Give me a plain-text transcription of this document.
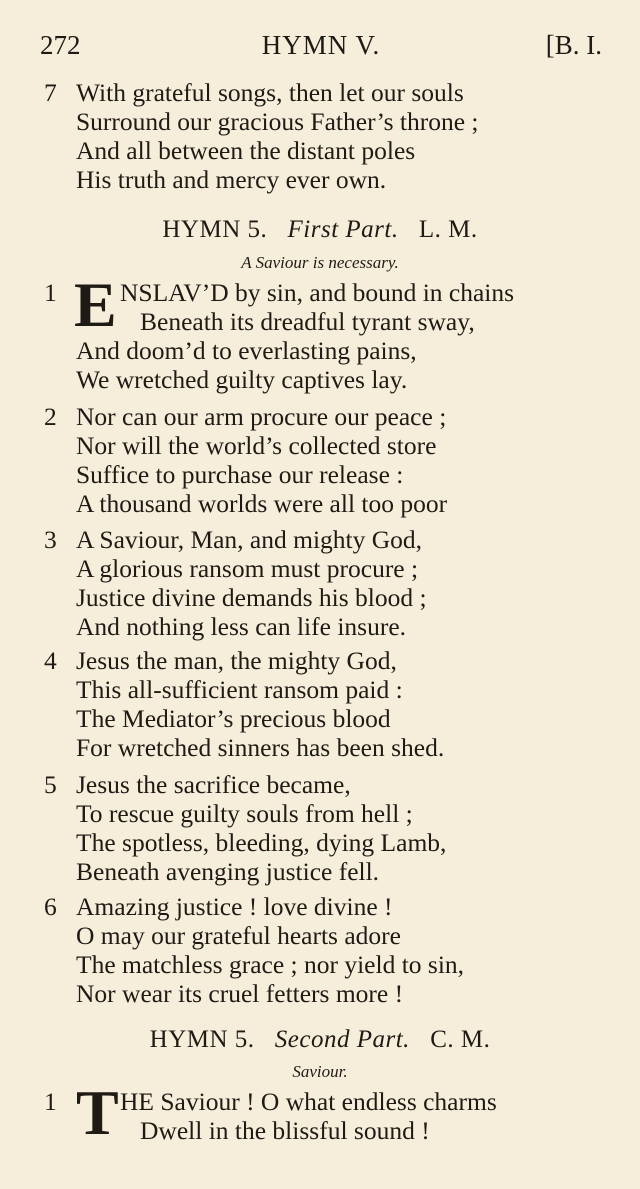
272	HYMN V.	[B. I.
7 With grateful songs, then let our souls
Surround our gracious Father’s throne ;
And all between the distant poles
His truth and mercy ever own.
HYMN 5. First Part. L. M.
A Saviour is necessary.
1 E NSLAV’D by sin, and bound in chains
Beneath its dreadful tyrant sway,
And doom’d to everlasting pains,
We wretched guilty captives lay.
2 Nor can our arm procure our peace ;
Nor will the world’s collected store
Suffice to purchase our release :
A thousand worlds were all too poor
3 A Saviour, Man, and mighty God,
A glorious ransom must procure ;
Justice divine demands his blood ;
And nothing less can life insure.
4 Jesus the man, the mighty God,
This all-sufficient ransom paid :
The Mediator’s precious blood
For wretched sinners has been shed.
5 Jesus the sacrifice became,
To rescue guilty souls from hell ;
The spotless, bleeding, dying Lamb,
Beneath avenging justice fell.
6 Amazing justice ! love divine !
O may our grateful hearts adore
The matchless grace ; nor yield to sin,
Nor wear its cruel fetters more !
HYMN 5. Second Part. C. M.
Saviour.
1 T HE Saviour ! O what endless charms
Dwell in the blissful sound !
